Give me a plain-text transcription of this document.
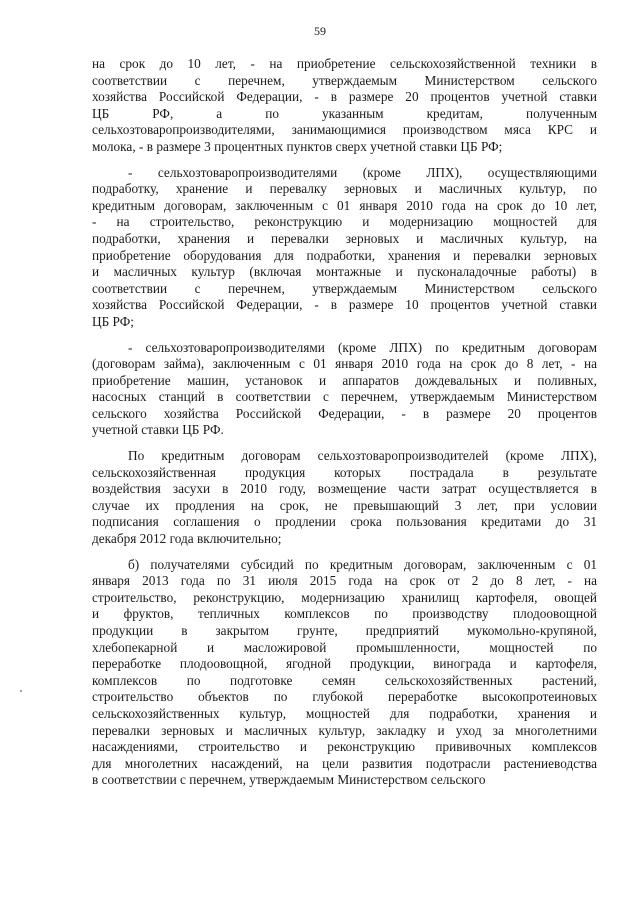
59
на срок до 10 лет, - на приобретение сельскохозяйственной техники в
соответствии с перечнем, утверждаемым Министерством сельского
хозяйства Российской Федерации, - в размере 20 процентов учетной ставки
ЦБ РФ, а по указанным кредитам, полученным
сельхозтоваропроизводителями, занимающимися производством мяса КРС и
молока, - в размере 3 процентных пунктов сверх учетной ставки ЦБ РФ;
- сельхозтоваропроизводителями (кроме ЛПХ), осуществляющими
подработку, хранение и перевалку зерновых и масличных культур, по
кредитным договорам, заключенным с 01 января 2010 года на срок до 10 лет,
- на строительство, реконструкцию и модернизацию мощностей для
подработки, хранения и перевалки зерновых и масличных культур, на
приобретение оборудования для подработки, хранения и перевалки зерновых
и масличных культур (включая монтажные и пусконаладочные работы) в
соответствии с перечнем, утверждаемым Министерством сельского
хозяйства Российской Федерации, - в размере 10 процентов учетной ставки
ЦБ РФ;
- сельхозтоваропроизводителями (кроме ЛПХ) по кредитным договорам
(договорам займа), заключенным с 01 января 2010 года на срок до 8 лет, - на
приобретение машин, установок и аппаратов дождевальных и поливных,
насосных станций в соответствии с перечнем, утверждаемым Министерством
сельского хозяйства Российской Федерации, - в размере 20 процентов
учетной ставки ЦБ РФ.
По кредитным договорам сельхозтоваропроизводителей (кроме ЛПХ),
сельскохозяйственная продукция которых пострадала в результате
воздействия засухи в 2010 году, возмещение части затрат осуществляется в
случае их продления на срок, не превышающий 3 лет, при условии
подписания соглашения о продлении срока пользования кредитами до 31
декабря 2012 года включительно;
б) получателями субсидий по кредитным договорам, заключенным с 01
января 2013 года по 31 июля 2015 года на срок от 2 до 8 лет, - на
строительство, реконструкцию, модернизацию хранилищ картофеля, овощей
и фруктов, тепличных комплексов по производству плодоовощной
продукции в закрытом грунте, предприятий мукомольно-крупяной,
хлебопекарной и масложировой промышленности, мощностей по
переработке плодоовощной, ягодной продукции, винограда и картофеля,
комплексов по подготовке семян сельскохозяйственных растений,
строительство объектов по глубокой переработке высокопротеиновых
сельскохозяйственных культур, мощностей для подработки, хранения и
перевалки зерновых и масличных культур, закладку и уход за многолетними
насаждениями, строительство и реконструкцию прививочных комплексов
для многолетних насаждений, на цели развития подотрасли растениеводства
в соответствии с перечнем, утверждаемым Министерством сельского
